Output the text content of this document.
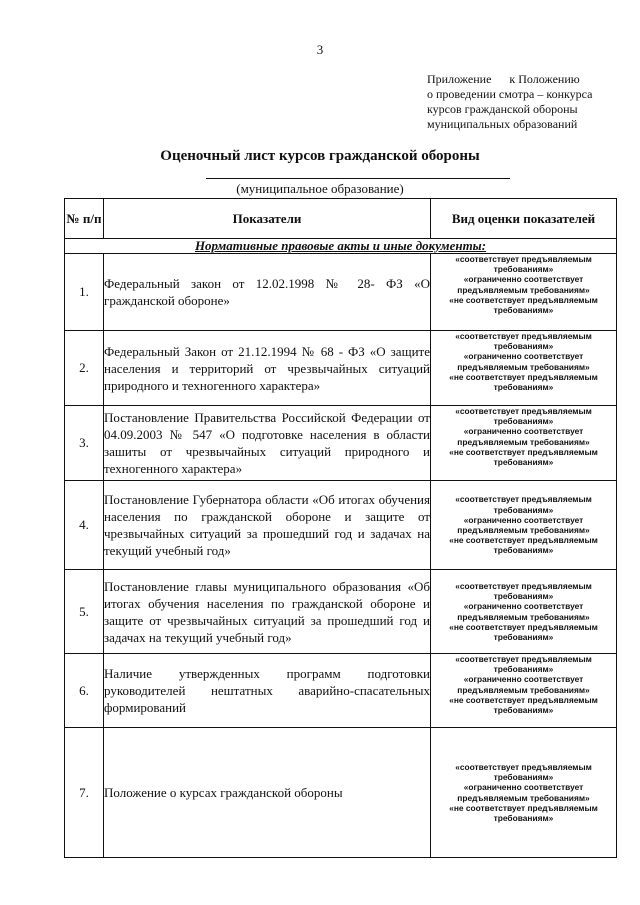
3
Приложение      к Положению
о проведении смотра – конкурса
курсов гражданской обороны
муниципальных образований
Оценочный лист курсов гражданской обороны
(муниципальное образование)
№ п/п	Показатели	Вид оценки показателей
Нормативные правовые акты и иные документы:		
1.	Федеральный закон от 12.02.1998 № 28- ФЗ «О гражданской обороне»	«соответствует предъявляемым требованиям»
«ограниченно соответствует предъявляемым требованиям»
«не соответствует предъявляемым требованиям»

2.	Федеральный Закон от 21.12.1994 № 68 - ФЗ «О защите населения и территорий от чрезвычайных ситуаций природного и техногенного характера»	«соответствует предъявляемым требованиям»
«ограниченно соответствует предъявляемым требованиям»
«не соответствует предъявляемым требованиям»

3.	Постановление Правительства Российской Федерации от 04.09.2003 № 547 «О подготовке населения в области зашиты от чрезвычайных ситуаций природного и техногенного характера»	«соответствует предъявляемым требованиям»
«ограниченно соответствует предъявляемым требованиям»
«не соответствует предъявляемым требованиям»

4.	Постановление Губернатора области «Об итогах обучения населения по гражданской обороне и защите от чрезвычайных ситуаций за прошедший год и задачах на текущий учебный год»	«соответствует предъявляемым требованиям»
«ограниченно соответствует предъявляемым требованиям»
«не соответствует предъявляемым требованиям»

5.	Постановление главы муниципального образования «Об итогах обучения населения по гражданской обороне и защите от чрезвычайных ситуаций за прошедший год и задачах на текущий учебный год»	«соответствует предъявляемым требованиям»
«ограниченно соответствует предъявляемым требованиям»
«не соответствует предъявляемым требованиям»

6.	Наличие утвержденных программ подготовки руководителей нештатных аварийно-спасательных формирований	«соответствует предъявляемым требованиям»
«ограниченно соответствует предъявляемым требованиям»
«не соответствует предъявляемым требованиям»

7.	Положение о курсах гражданской обороны	«соответствует предъявляемым требованиям»
«ограниченно соответствует предъявляемым требованиям»
«не соответствует предъявляемым требованиям»
